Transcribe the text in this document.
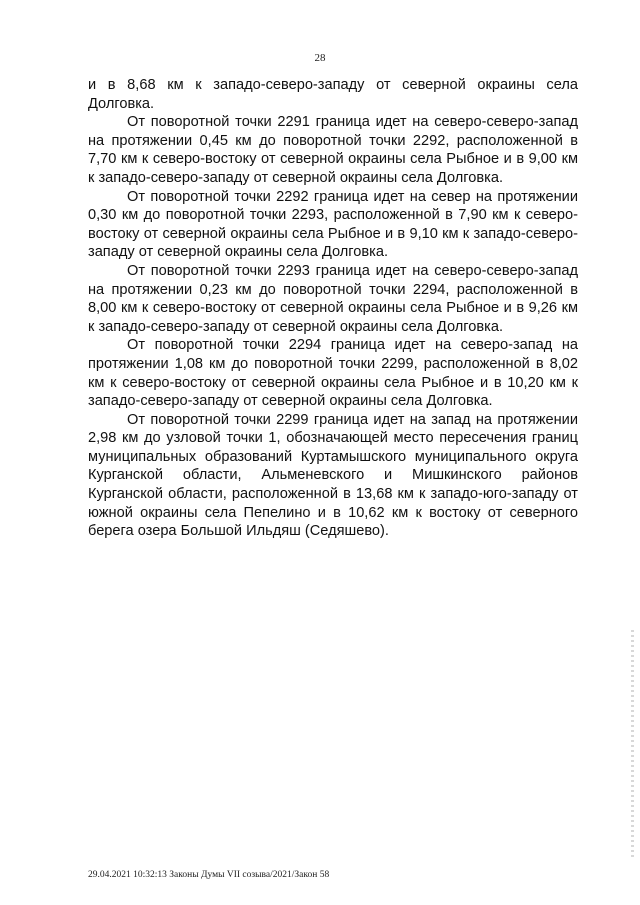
28

и в 8,68 км к западо-северо-западу от северной окраины села Долговка.

От поворотной точки 2291 граница идет на северо-северо-запад на протяжении 0,45 км до поворотной точки 2292, расположенной в 7,70 км к северо-востоку от северной окраины села Рыбное и в 9,00 км к западо-северо-западу от северной окраины села Долговка.

От поворотной точки 2292 граница идет на север на протяжении 0,30 км до поворотной точки 2293, расположенной в 7,90 км к северо-востоку от северной окраины села Рыбное и в 9,10 км к западо-северо-западу от северной окраины села Долговка.

От поворотной точки 2293 граница идет на северо-северо-запад на протяжении 0,23 км до поворотной точки 2294, расположенной в 8,00 км к северо-востоку от северной окраины села Рыбное и в 9,26 км к западо-северо-западу от северной окраины села Долговка.

От поворотной точки 2294 граница идет на северо-запад на протяжении 1,08 км до поворотной точки 2299, расположенной в 8,02 км к северо-востоку от северной окраины села Рыбное и в 10,20 км к западо-северо-западу от северной окраины села Долговка.

От поворотной точки 2299 граница идет на запад на протяжении 2,98 км до узловой точки 1, обозначающей место пересечения границ муниципальных образований Куртамышского муниципального округа Курганской области, Альменевского и Мишкинского районов Курганской области, расположенной в 13,68 км к западо-юго-западу от южной окраины села Пепелино и в 10,62 км к востоку от северного берега озера Большой Ильдяш (Седяшево).

29.04.2021 10:32:13 Законы Думы VII созыва/2021/Закон 58
